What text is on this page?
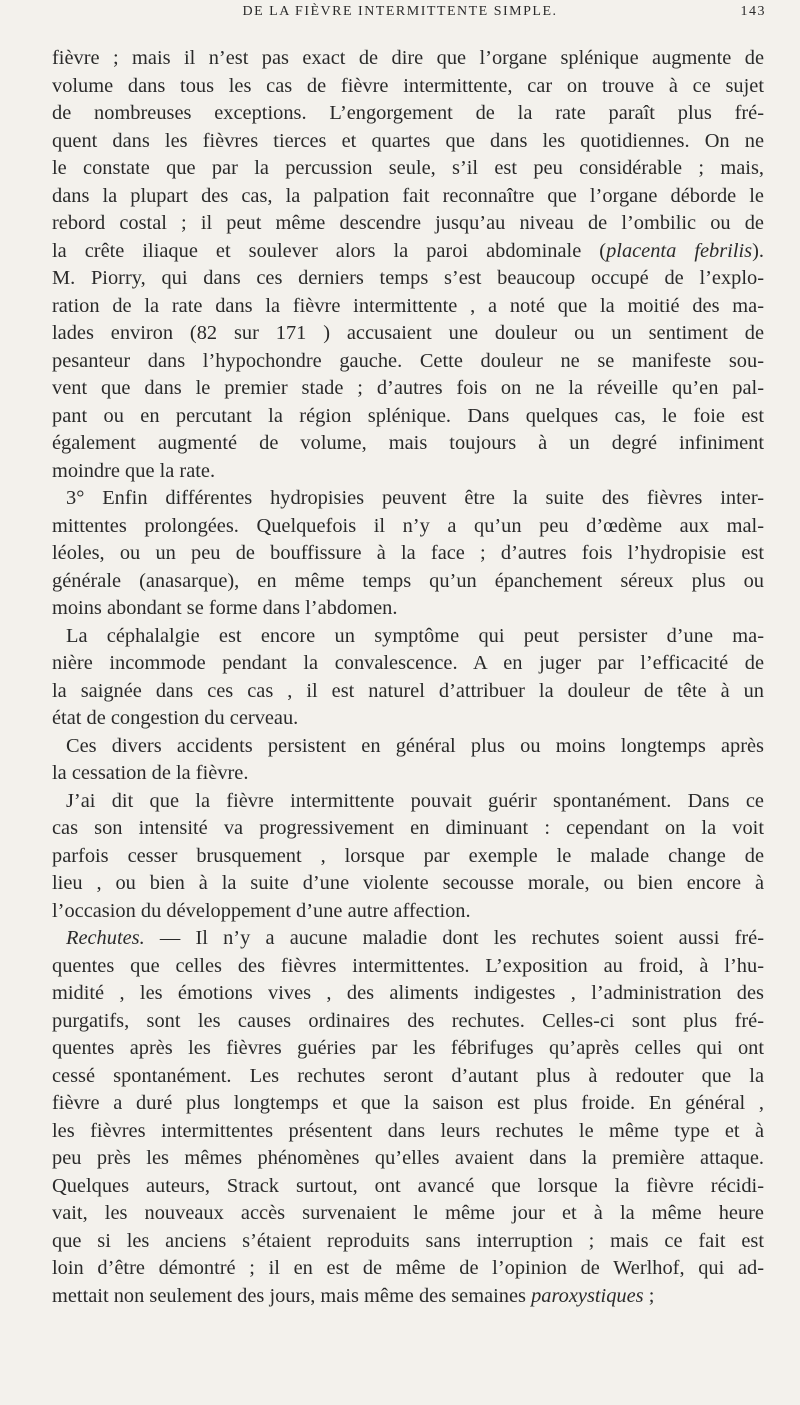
DE LA FIÈVRE INTERMITTENTE SIMPLE.	143
fièvre ; mais il n’est pas exact de dire que l’organe splénique augmente de
volume dans tous les cas de fièvre intermittente, car on trouve à ce sujet
de nombreuses exceptions. L’engorgement de la rate paraît plus fré-
quent dans les fièvres tierces et quartes que dans les quotidiennes. On ne
le constate que par la percussion seule, s’il est peu considérable ; mais,
dans la plupart des cas, la palpation fait reconnaître que l’organe déborde le
rebord costal ; il peut même descendre jusqu’au niveau de l’ombilic ou de
la crête iliaque et soulever alors la paroi abdominale (placenta febrilis).
M. Piorry, qui dans ces derniers temps s’est beaucoup occupé de l’explo-
ration de la rate dans la fièvre intermittente , a noté que la moitié des ma-
lades environ (82 sur 171 ) accusaient une douleur ou un sentiment de
pesanteur dans l’hypochondre gauche. Cette douleur ne se manifeste sou-
vent que dans le premier stade ; d’autres fois on ne la réveille qu’en pal-
pant ou en percutant la région splénique. Dans quelques cas, le foie est
également augmenté de volume, mais toujours à un degré infiniment
moindre que la rate.
3° Enfin différentes hydropisies peuvent être la suite des fièvres inter-
mittentes prolongées. Quelquefois il n’y a qu’un peu d’œdème aux mal-
léoles, ou un peu de bouffissure à la face ; d’autres fois l’hydropisie est
générale (anasarque), en même temps qu’un épanchement séreux plus ou
moins abondant se forme dans l’abdomen.
La céphalalgie est encore un symptôme qui peut persister d’une ma-
nière incommode pendant la convalescence. A en juger par l’efficacité de
la saignée dans ces cas , il est naturel d’attribuer la douleur de tête à un
état de congestion du cerveau.
Ces divers accidents persistent en général plus ou moins longtemps après
la cessation de la fièvre.
J’ai dit que la fièvre intermittente pouvait guérir spontanément. Dans ce
cas son intensité va progressivement en diminuant : cependant on la voit
parfois cesser brusquement , lorsque par exemple le malade change de
lieu , ou bien à la suite d’une violente secousse morale, ou bien encore à
l’occasion du développement d’une autre affection.
Rechutes. — Il n’y a aucune maladie dont les rechutes soient aussi fré-
quentes que celles des fièvres intermittentes. L’exposition au froid, à l’hu-
midité , les émotions vives , des aliments indigestes , l’administration des
purgatifs, sont les causes ordinaires des rechutes. Celles-ci sont plus fré-
quentes après les fièvres guéries par les fébrifuges qu’après celles qui ont
cessé spontanément. Les rechutes seront d’autant plus à redouter que la
fièvre a duré plus longtemps et que la saison est plus froide. En général ,
les fièvres intermittentes présentent dans leurs rechutes le même type et à
peu près les mêmes phénomènes qu’elles avaient dans la première attaque.
Quelques auteurs, Strack surtout, ont avancé que lorsque la fièvre récidi-
vait, les nouveaux accès survenaient le même jour et à la même heure
que si les anciens s’étaient reproduits sans interruption ; mais ce fait est
loin d’être démontré ; il en est de même de l’opinion de Werlhof, qui ad-
mettait non seulement des jours, mais même des semaines paroxystiques ;
